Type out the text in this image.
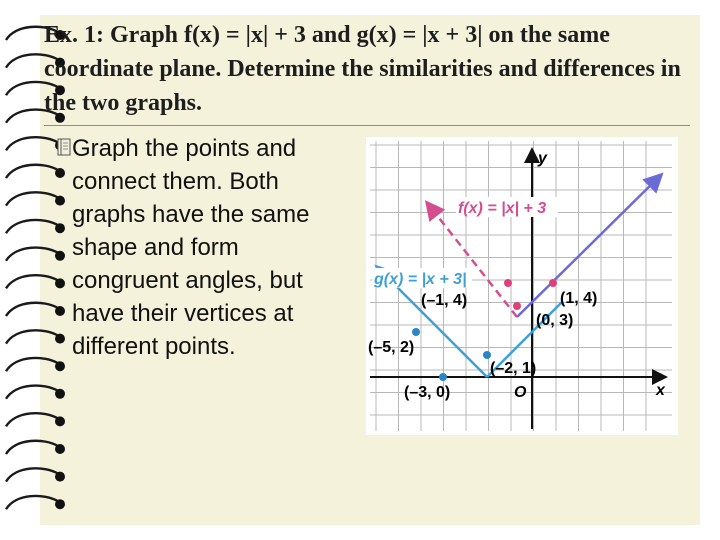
Ex. 1: Graph f(x) = |x| + 3 and g(x) = |x + 3| on the same coordinate plane. Determine the similarities and differences in the two graphs.
Graph the points and connect them. Both graphs have the same shape and form congruent angles, but have their vertices at different points.
y
x
O
f(x) = |x| + 3
g(x) = |x + 3|
(–1, 4)	(1, 4)
(0, 3)
(–5, 2)
(–2, 1)
(–3, 0)
